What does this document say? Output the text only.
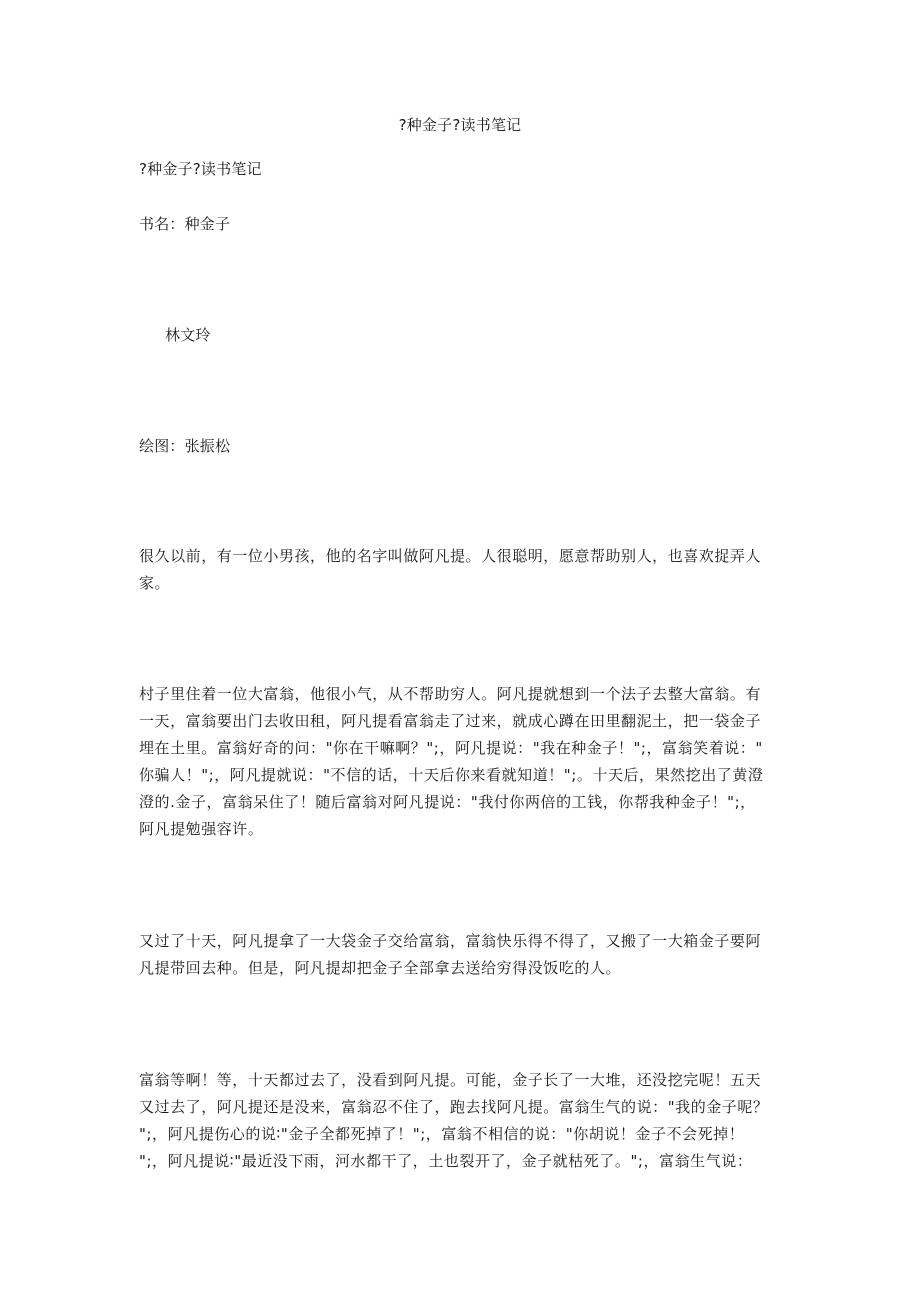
?种金子?读书笔记
?种金子?读书笔记
书名：种金子
林文玲
绘图：张振松
很久以前，有一位小男孩，他的名字叫做阿凡提。人很聪明，愿意帮助别人，也喜欢捉弄人
家。
村子里住着一位大富翁，他很小气，从不帮助穷人。阿凡提就想到一个法子去整大富翁。有
一天，富翁要出门去收田租，阿凡提看富翁走了过来，就成心蹲在田里翻泥土，把一袋金子
埋在土里。富翁好奇的问："你在干嘛啊？";，阿凡提说："我在种金子！";，富翁笑着说："
你骗人！";，阿凡提就说："不信的话，十天后你来看就知道！";。十天后，果然挖出了黄澄
澄的.金子，富翁呆住了！随后富翁对阿凡提说："我付你两倍的工钱，你帮我种金子！";，
阿凡提勉强容许。
又过了十天，阿凡提拿了一大袋金子交给富翁，富翁快乐得不得了，又搬了一大箱金子要阿
凡提带回去种。但是，阿凡提却把金子全部拿去送给穷得没饭吃的人。
富翁等啊！等，十天都过去了，没看到阿凡提。可能，金子长了一大堆，还没挖完呢！五天
又过去了，阿凡提还是没来，富翁忍不住了，跑去找阿凡提。富翁生气的说："我的金子呢？
";，阿凡提伤心的说∶"金子全都死掉了！";，富翁不相信的说："你胡说！金子不会死掉！
";，阿凡提说∶"最近没下雨，河水都干了，土也裂开了，金子就枯死了。";，富翁生气说：
